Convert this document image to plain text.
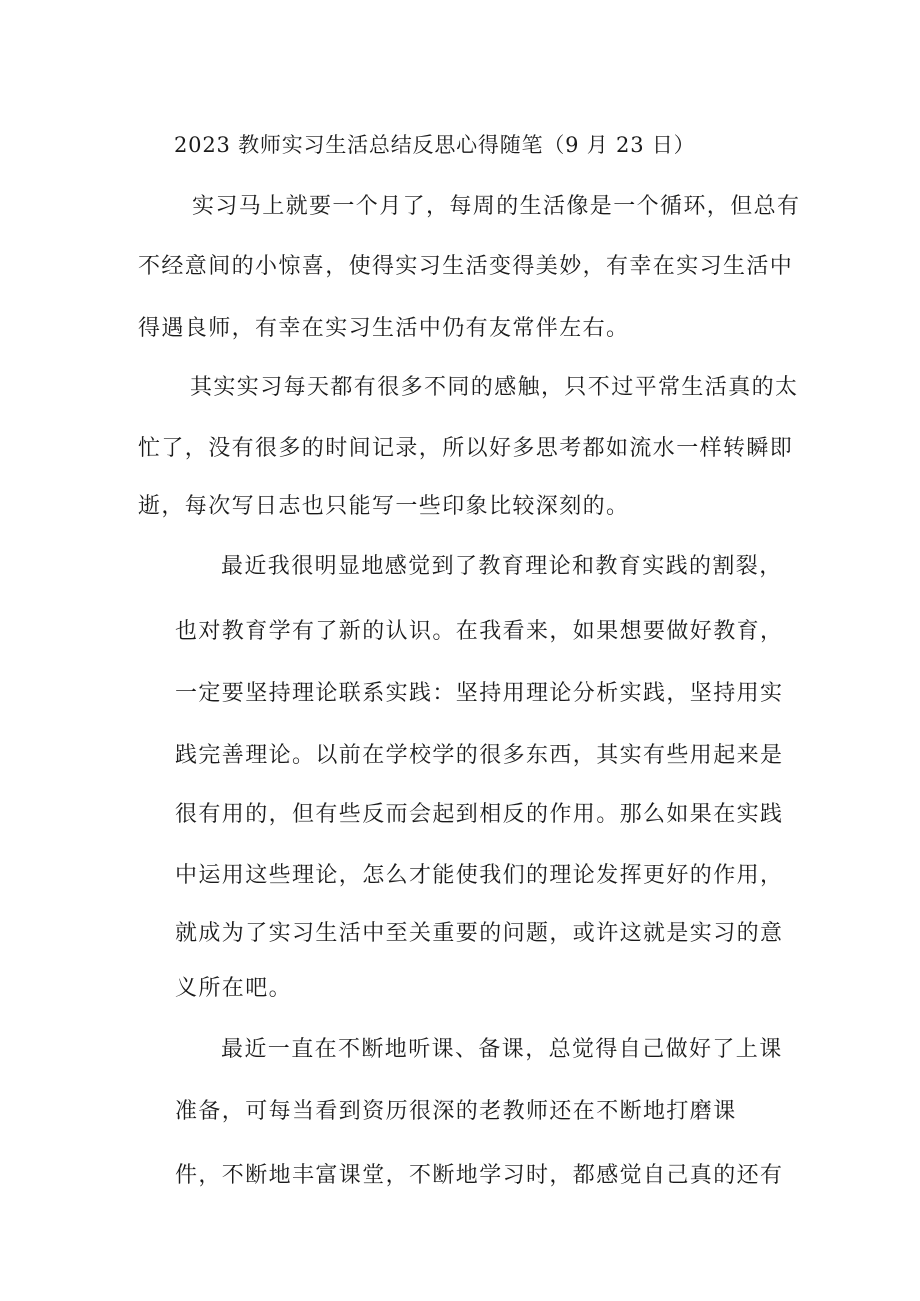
2023 教师实习生活总结反思心得随笔（9 月 23 日）
实习马上就要一个月了，每周的生活像是一个循环，但总有
不经意间的小惊喜，使得实习生活变得美妙，有幸在实习生活中
得遇良师，有幸在实习生活中仍有友常伴左右。
其实实习每天都有很多不同的感触，只不过平常生活真的太
忙了，没有很多的时间记录，所以好多思考都如流水一样转瞬即
逝，每次写日志也只能写一些印象比较深刻的。
最近我很明显地感觉到了教育理论和教育实践的割裂，
也对教育学有了新的认识。在我看来，如果想要做好教育，
一定要坚持理论联系实践：坚持用理论分析实践，坚持用实
践完善理论。以前在学校学的很多东西，其实有些用起来是
很有用的，但有些反而会起到相反的作用。那么如果在实践
中运用这些理论，怎么才能使我们的理论发挥更好的作用，
就成为了实习生活中至关重要的问题，或许这就是实习的意
义所在吧。
最近一直在不断地听课、备课，总觉得自己做好了上课
准备，可每当看到资历很深的老教师还在不断地打磨课
件，不断地丰富课堂，不断地学习时，都感觉自己真的还有
